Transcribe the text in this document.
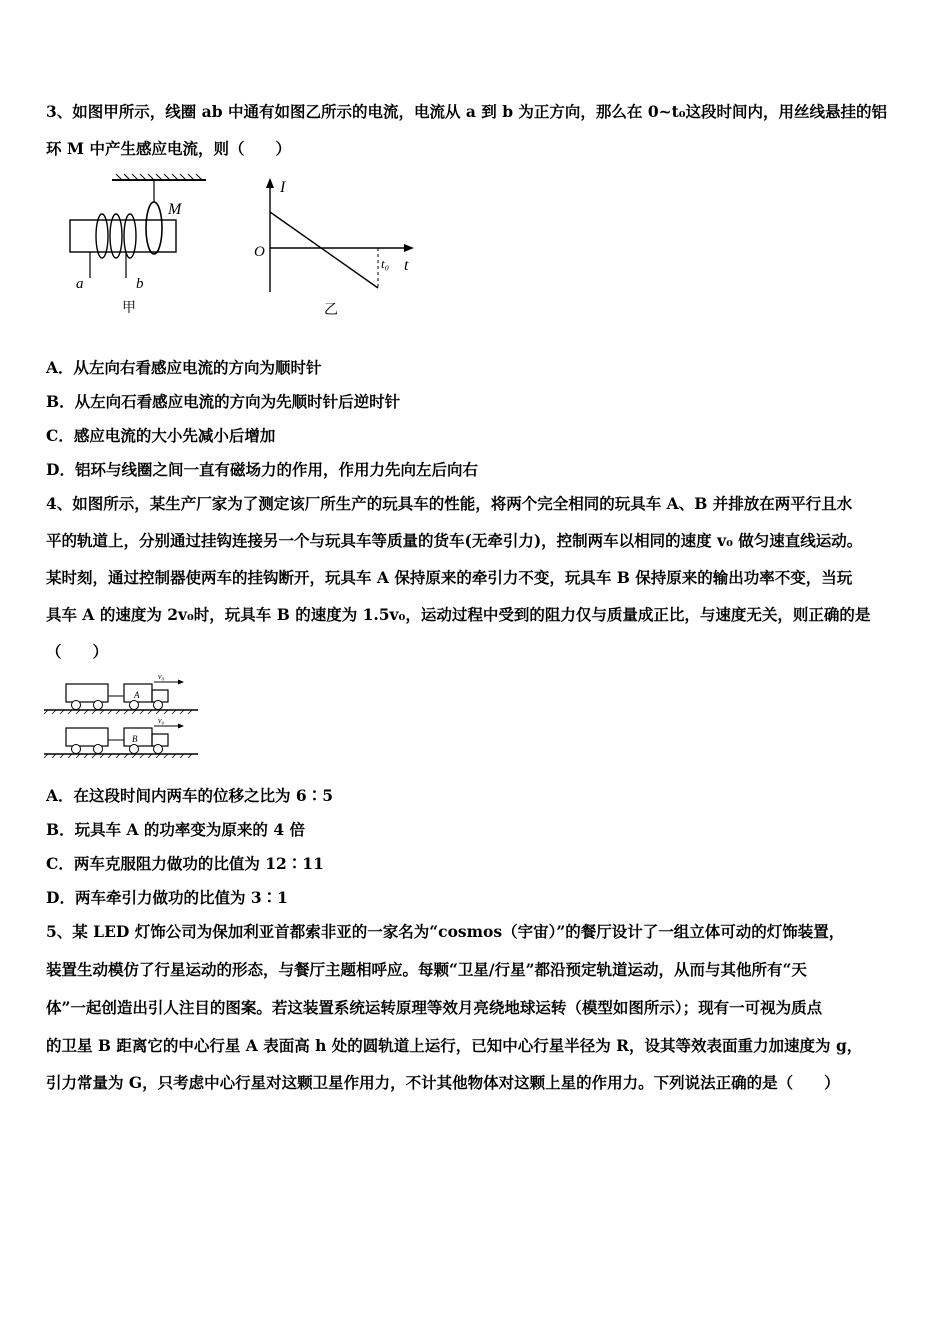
3、如图甲所示，线圈 ab 中通有如图乙所示的电流，电流从 a 到 b 为正方向，那么在 0~t₀这段时间内，用丝线悬挂的铝
环 M 中产生感应电流，则（　　）
M
a	b
甲
I
O
t₀ t
乙
A．从左向右看感应电流的方向为顺时针
B．从左向石看感应电流的方向为先顺时针后逆时针
C．感应电流的大小先减小后增加
D．铝环与线圈之间一直有磁场力的作用，作用力先向左后向右
4、如图所示，某生产厂家为了测定该厂所生产的玩具车的性能，将两个完全相同的玩具车 A、B 并排放在两平行且水
平的轨道上，分别通过挂钩连接另一个与玩具车等质量的货车(无牵引力)，控制两车以相同的速度 v₀ 做匀速直线运动。
某时刻，通过控制器使两车的挂钩断开，玩具车 A 保持原来的牵引力不变，玩具车 B 保持原来的输出功率不变，当玩
具车 A 的速度为 2v₀时，玩具车 B 的速度为 1.5v₀，运动过程中受到的阻力仅与质量成正比，与速度无关，则正确的是
（　　）
A
v₀
B
v₀
A．在这段时间内两车的位移之比为 6∶5
B．玩具车 A 的功率变为原来的 4 倍
C．两车克服阻力做功的比值为 12∶11
D．两车牵引力做功的比值为 3∶1
5、某 LED 灯饰公司为保加利亚首都索非亚的一家名为“cosmos（宇宙）”的餐厅设计了一组立体可动的灯饰装置，
装置生动模仿了行星运动的形态，与餐厅主题相呼应。每颗“卫星/行星”都沿预定轨道运动，从而与其他所有“天
体”一起创造出引人注目的图案。若这装置系统运转原理等效月亮绕地球运转（模型如图所示）；现有一可视为质点
的卫星 B 距离它的中心行星 A 表面高 h 处的圆轨道上运行，已知中心行星半径为 R，设其等效表面重力加速度为 g，
引力常量为 G，只考虑中心行星对这颗卫星作用力，不计其他物体对这颗上星的作用力。下列说法正确的是（　　）
